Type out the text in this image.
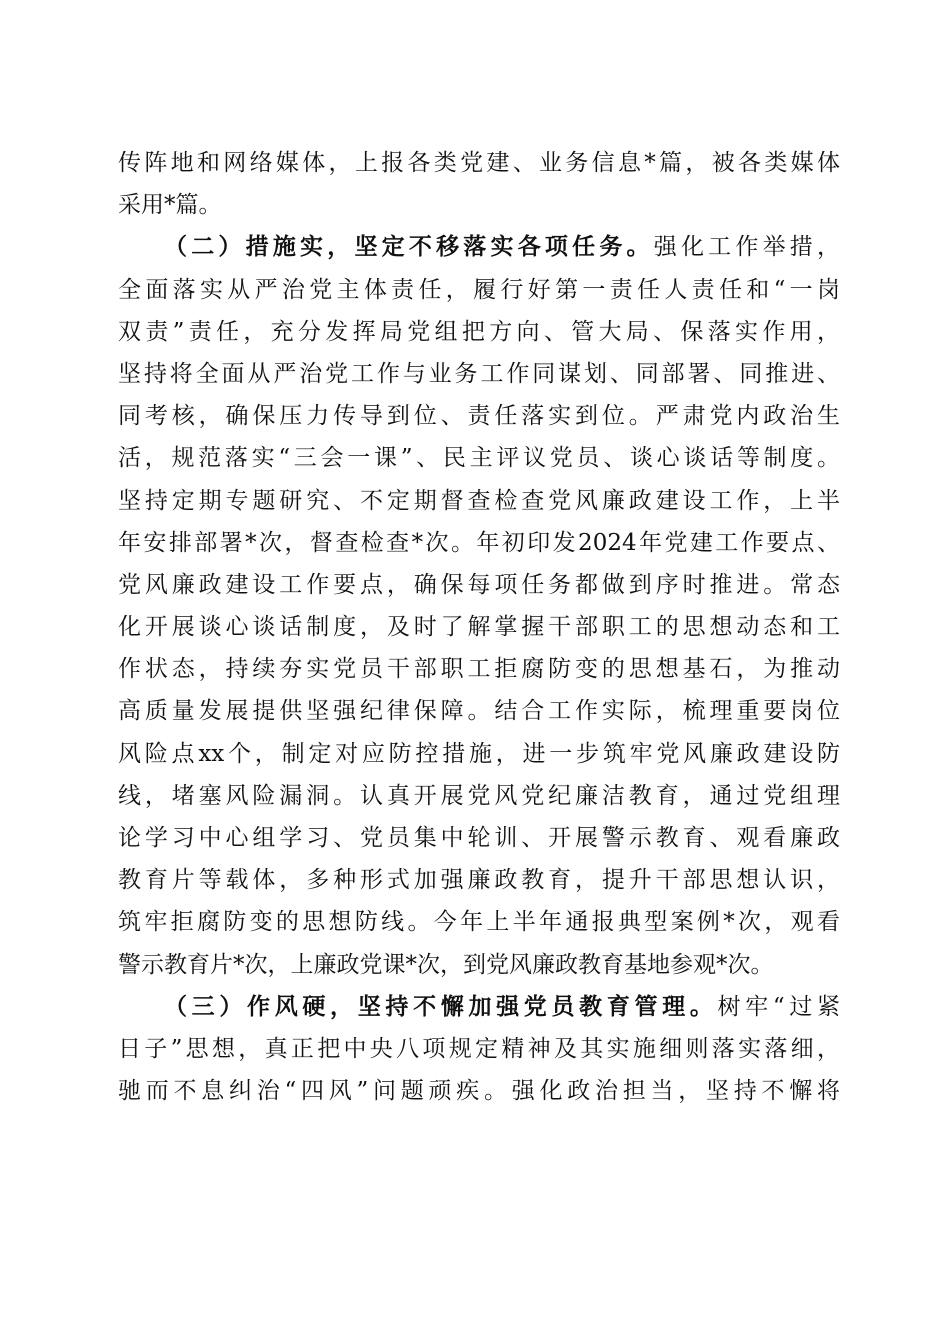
传阵地和网络媒体，上报各类党建、业务信息*篇，被各类媒体
采用*篇。
（二）措施实，坚定不移落实各项任务。强化工作举措，
全面落实从严治党主体责任，履行好第一责任人责任和“一岗
双责”责任，充分发挥局党组把方向、管大局、保落实作用，
坚持将全面从严治党工作与业务工作同谋划、同部署、同推进、
同考核，确保压力传导到位、责任落实到位。严肃党内政治生
活，规范落实“三会一课”、民主评议党员、谈心谈话等制度。
坚持定期专题研究、不定期督查检查党风廉政建设工作，上半
年安排部署*次，督查检查*次。年初印发2024年党建工作要点、
党风廉政建设工作要点，确保每项任务都做到序时推进。常态
化开展谈心谈话制度，及时了解掌握干部职工的思想动态和工
作状态，持续夯实党员干部职工拒腐防变的思想基石，为推动
高质量发展提供坚强纪律保障。结合工作实际，梳理重要岗位
风险点xx个，制定对应防控措施，进一步筑牢党风廉政建设防
线，堵塞风险漏洞。认真开展党风党纪廉洁教育，通过党组理
论学习中心组学习、党员集中轮训、开展警示教育、观看廉政
教育片等载体，多种形式加强廉政教育，提升干部思想认识，
筑牢拒腐防变的思想防线。今年上半年通报典型案例*次，观看
警示教育片*次，上廉政党课*次，到党风廉政教育基地参观*次。
（三）作风硬，坚持不懈加强党员教育管理。树牢“过紧
日子”思想，真正把中央八项规定精神及其实施细则落实落细，
驰而不息纠治“四风”问题顽疾。强化政治担当，坚持不懈将
